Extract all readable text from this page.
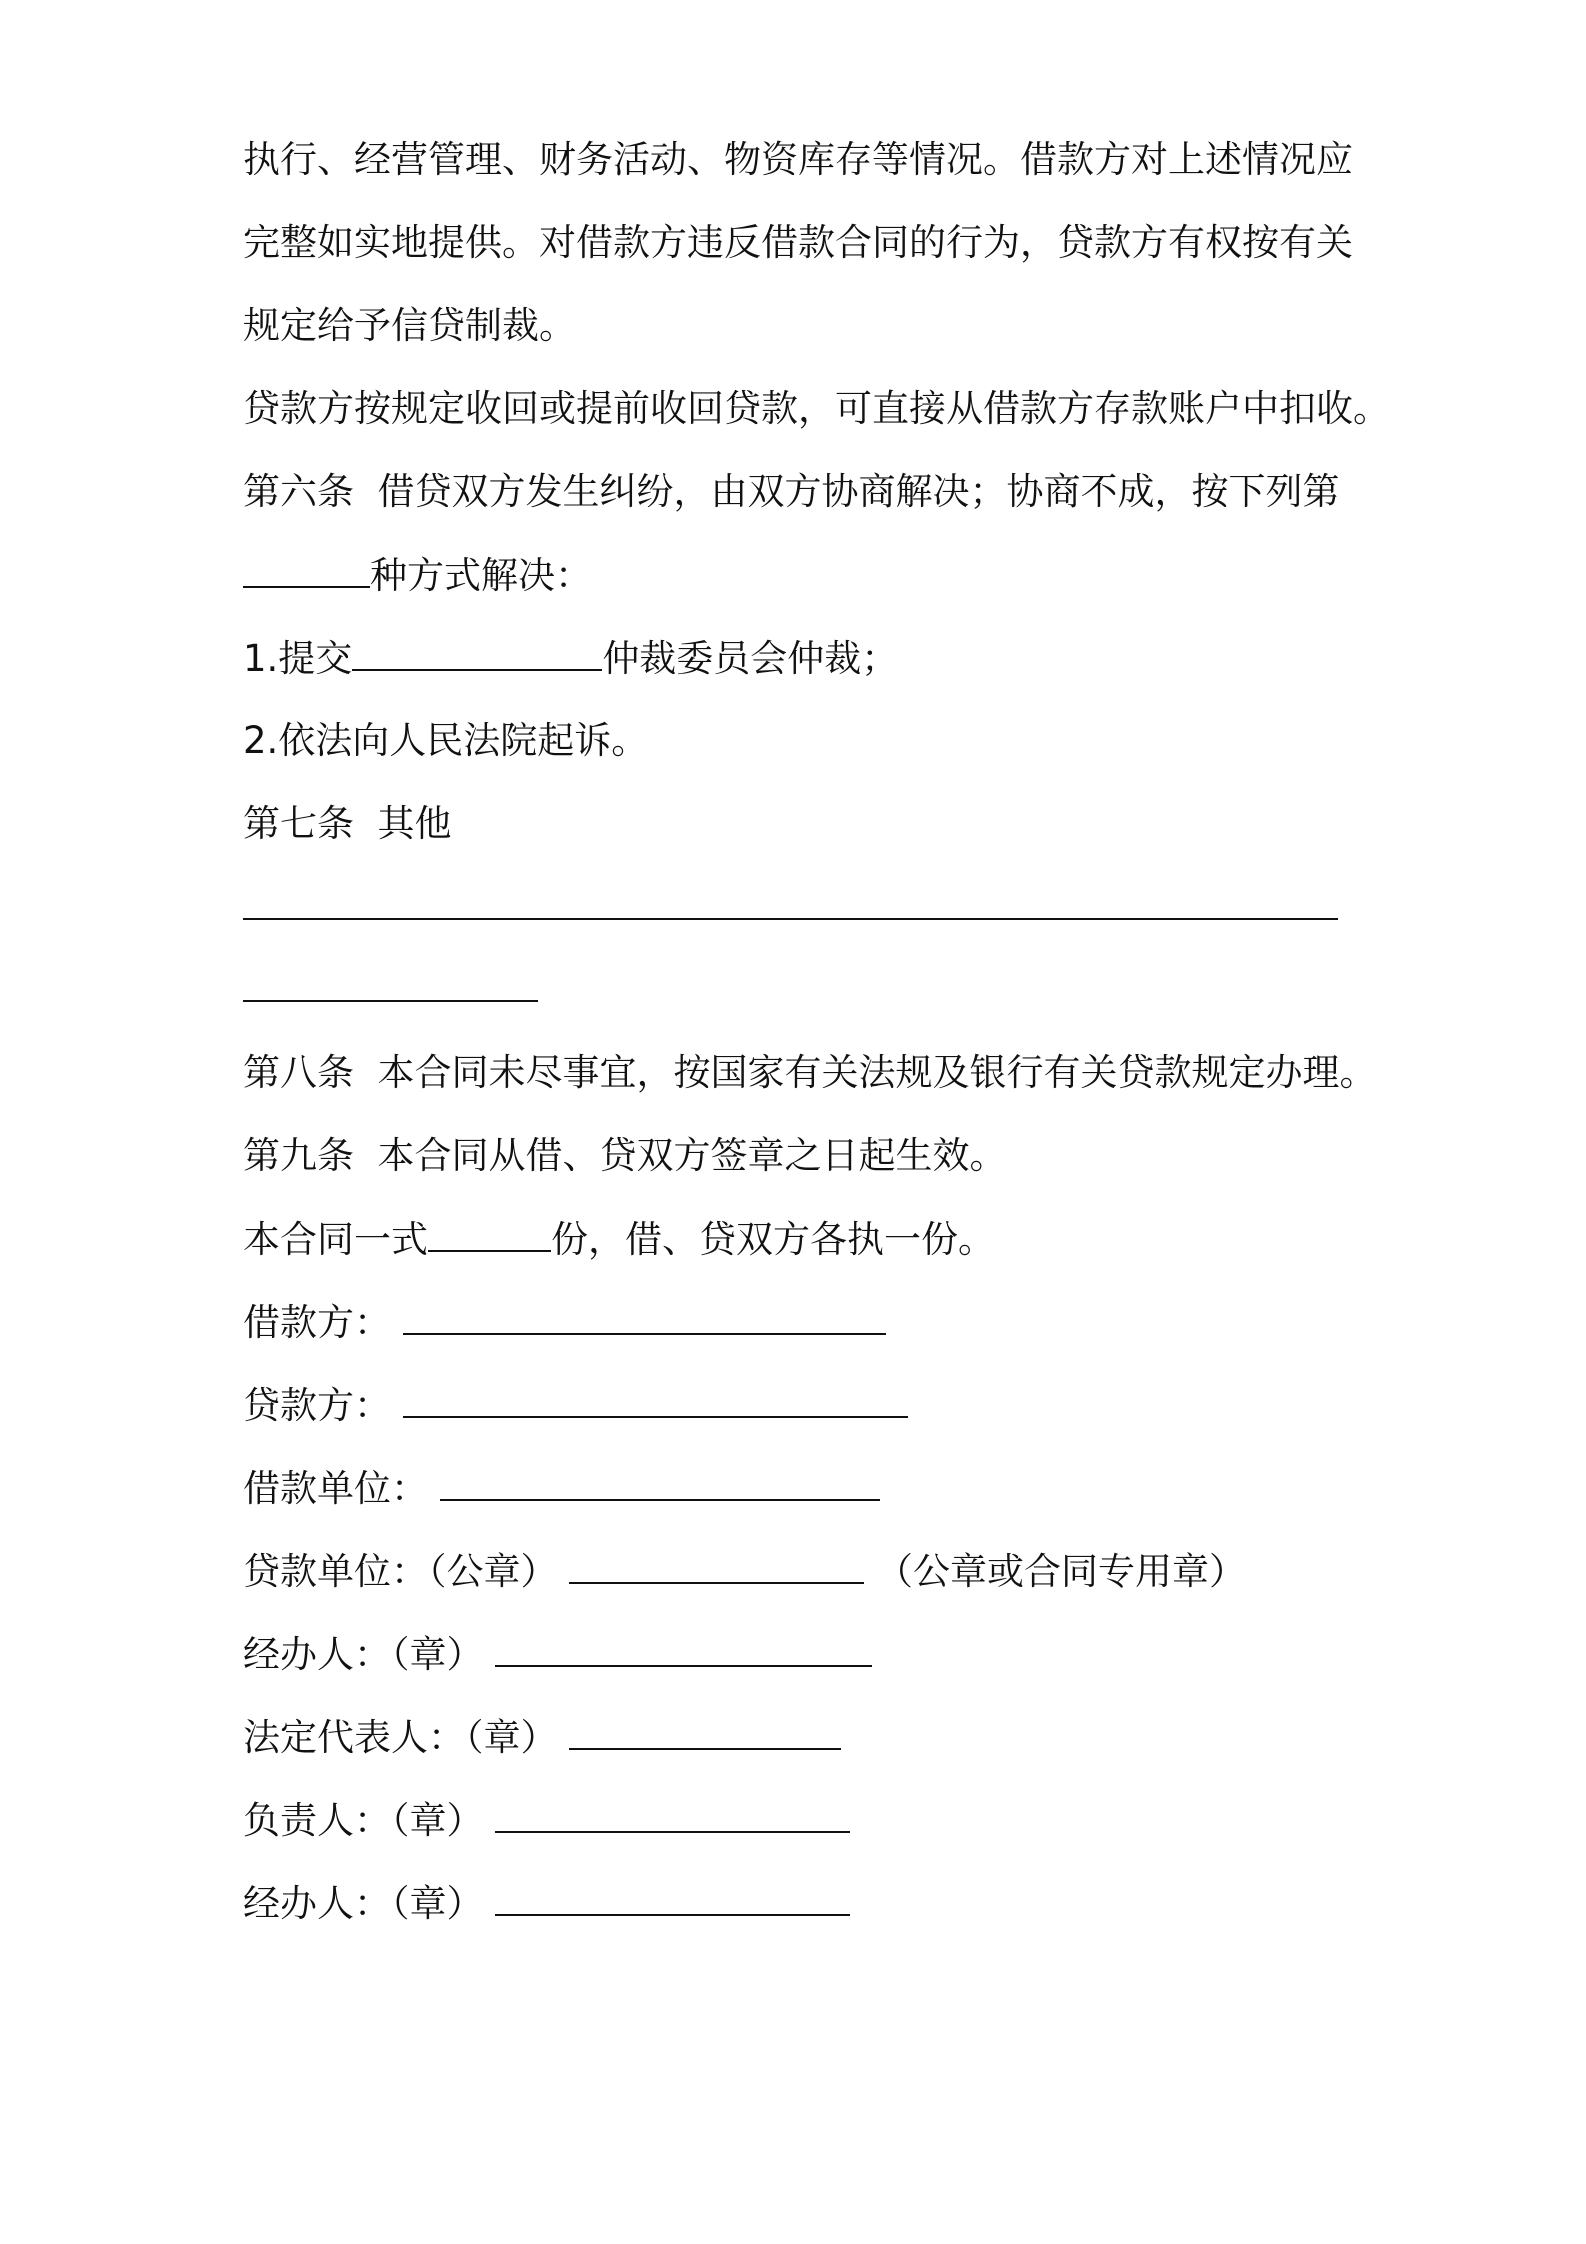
执行、经营管理、财务活动、物资库存等情况。借款方对上述情况应
完整如实地提供。对借款方违反借款合同的行为，贷款方有权按有关
规定给予信贷制裁。
贷款方按规定收回或提前收回贷款，可直接从借款方存款账户中扣收。
第六条  借贷双方发生纠纷，由双方协商解决；协商不成，按下列第
种方式解决：
1.提交	仲裁委员会仲裁；
2.依法向人民法院起诉。
第七条  其他
第八条  本合同未尽事宜，按国家有关法规及银行有关贷款规定办理。
第九条  本合同从借、贷双方签章之日起生效。
本合同一式	份，借、贷双方各执一份。
借款方：
贷款方：
借款单位：
贷款单位：（公章）	（公章或合同专用章）
经办人：（章）
法定代表人：（章）
负责人：（章）
经办人：（章）
